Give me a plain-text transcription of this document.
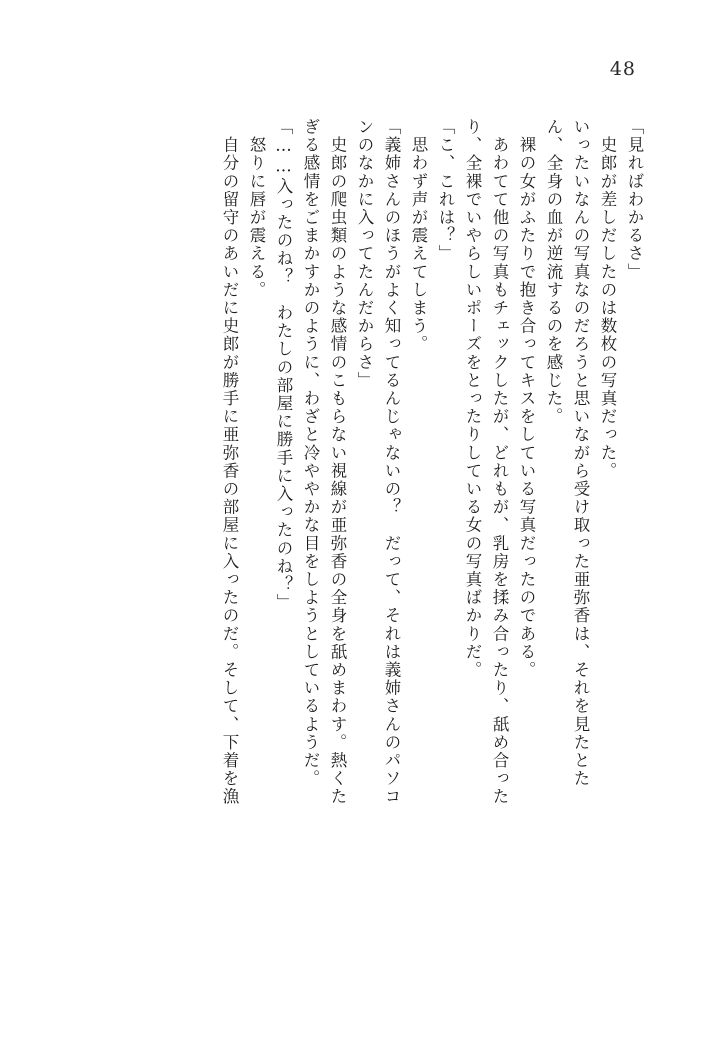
48
「見ればわかるさ」
　史郎が差しだしたのは数枚の写真だった。
いったいなんの写真なのだろうと思いながら受け取った亜弥香は、それを見たとた
ん、全身の血が逆流するのを感じた。
　裸の女がふたりで抱き合ってキスをしている写真だったのである。
　あわてて他の写真もチェックしたが、どれもが、乳房を揉み合ったり、舐め合った
り、全裸でいやらしいポーズをとったりしている女の写真ばかりだ。
「こ、これは？」
　思わず声が震えてしまう。
「義姉さんのほうがよく知ってるんじゃないの？　だって、それは義姉さんのパソコ
ンのなかに入ってたんだからさ」
　史郎の爬虫類のような感情のこもらない視線が亜弥香の全身を舐めまわす。熱くた
ぎる感情をごまかすかのように、わざと冷ややかな目をしようとしているようだ。
「……入ったのね？　わたしの部屋に勝手に入ったのね？」
　怒りに唇が震える。
　自分の留守のあいだに史郎が勝手に亜弥香の部屋に入ったのだ。そして、下着を漁
